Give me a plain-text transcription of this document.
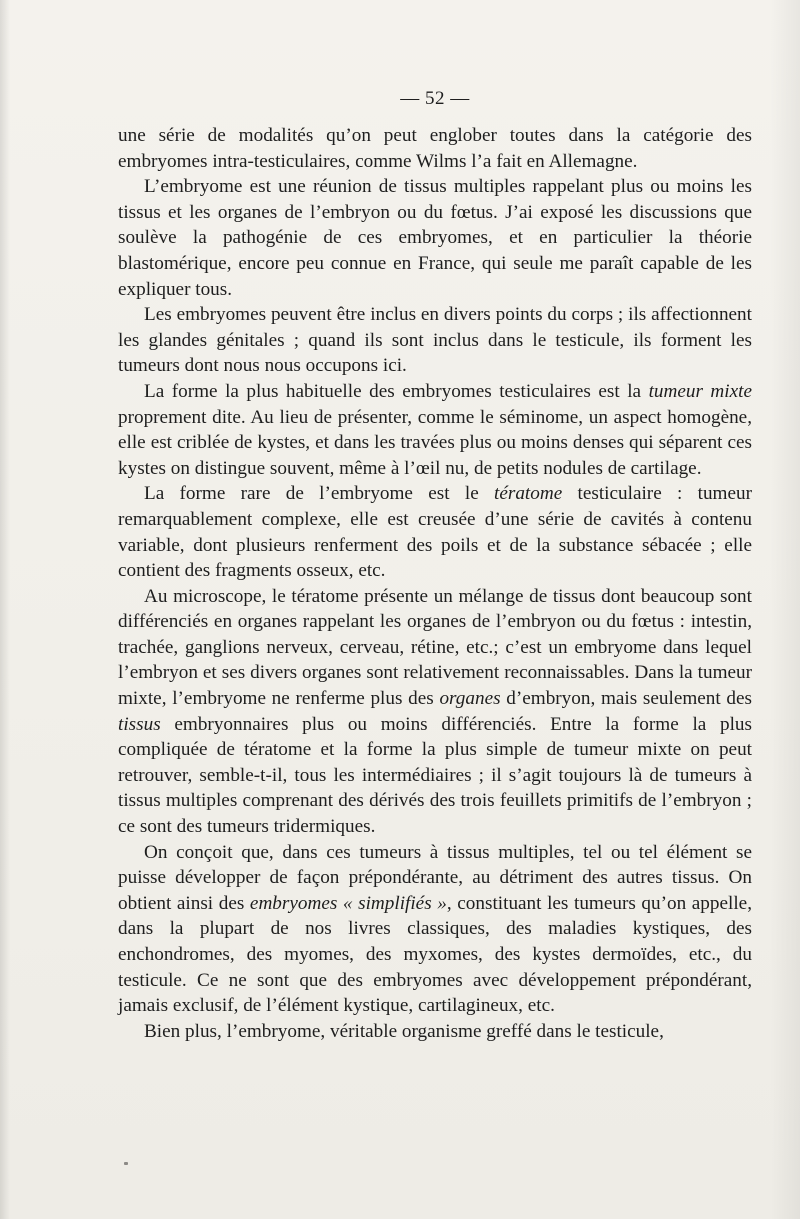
— 52 —

une série de modalités qu’on peut englober toutes dans la catégorie des embryomes intra-testiculaires, comme Wilms l’a fait en Allemagne.

L’embryome est une réunion de tissus multiples rappelant plus ou moins les tissus et les organes de l’embryon ou du fœtus. J’ai exposé les discussions que soulève la pathogénie de ces embryomes, et en particulier la théorie blastomérique, encore peu connue en France, qui seule me paraît capable de les expliquer tous.

Les embryomes peuvent être inclus en divers points du corps ; ils affectionnent les glandes génitales ; quand ils sont inclus dans le testicule, ils forment les tumeurs dont nous nous occupons ici.

La forme la plus habituelle des embryomes testiculaires est la tumeur mixte proprement dite. Au lieu de présenter, comme le séminome, un aspect homogène, elle est criblée de kystes, et dans les travées plus ou moins denses qui séparent ces kystes on distingue souvent, même à l’œil nu, de petits nodules de cartilage.

La forme rare de l’embryome est le tératome testiculaire : tumeur remarquablement complexe, elle est creusée d’une série de cavités à contenu variable, dont plusieurs renferment des poils et de la substance sébacée ; elle contient des fragments osseux, etc.

Au microscope, le tératome présente un mélange de tissus dont beaucoup sont différenciés en organes rappelant les organes de l’embryon ou du fœtus : intestin, trachée, ganglions nerveux, cerveau, rétine, etc.; c’est un embryome dans lequel l’embryon et ses divers organes sont relativement reconnaissables. Dans la tumeur mixte, l’embryome ne renferme plus des organes d’embryon, mais seulement des tissus embryonnaires plus ou moins différenciés. Entre la forme la plus compliquée de tératome et la forme la plus simple de tumeur mixte on peut retrouver, semble-t-il, tous les intermédiaires ; il s’agit toujours là de tumeurs à tissus multiples comprenant des dérivés des trois feuillets primitifs de l’embryon ; ce sont des tumeurs tridermiques.

On conçoit que, dans ces tumeurs à tissus multiples, tel ou tel élément se puisse développer de façon prépondérante, au détriment des autres tissus. On obtient ainsi des embryomes « simplifiés », constituant les tumeurs qu’on appelle, dans la plupart de nos livres classiques, des maladies kystiques, des enchondromes, des myomes, des myxomes, des kystes dermoïdes, etc., du testicule. Ce ne sont que des embryomes avec développement prépondérant, jamais exclusif, de l’élément kystique, cartilagineux, etc.

Bien plus, l’embryome, véritable organisme greffé dans le testicule,
